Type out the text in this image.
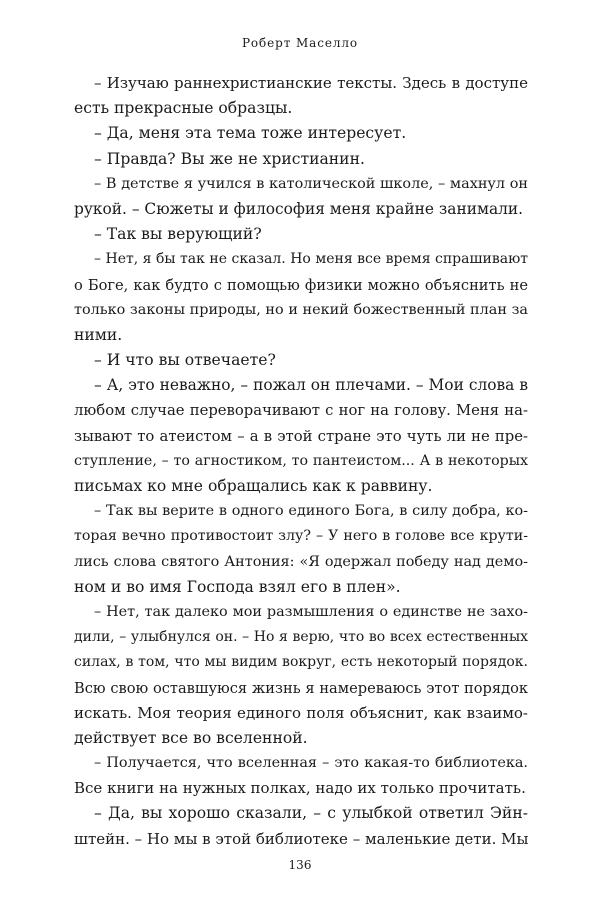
Роберт Маселло
– Изучаю раннехристианские тексты. Здесь в доступе
есть прекрасные образцы.
– Да, меня эта тема тоже интересует.
– Правда? Вы же не христианин.
– В детстве я учился в католической школе, – махнул он
рукой. – Сюжеты и философия меня крайне занимали.
– Так вы верующий?
– Нет, я бы так не сказал. Но меня все время спрашивают
о Боге, как будто с помощью физики можно объяснить не
только законы природы, но и некий божественный план за
ними.
– И что вы отвечаете?
– А, это неважно, – пожал он плечами. – Мои слова в
любом случае переворачивают с ног на голову. Меня на-
зывают то атеистом – а в этой стране это чуть ли не пре-
ступление, – то агностиком, то пантеистом... А в некоторых
письмах ко мне обращались как к раввину.
– Так вы верите в одного единого Бога, в силу добра, ко-
торая вечно противостоит злу? – У него в голове все крути-
лись слова святого Антония: «Я одержал победу над демо-
ном и во имя Господа взял его в плен».
– Нет, так далеко мои размышления о единстве не захо-
дили, – улыбнулся он. – Но я верю, что во всех естественных
силах, в том, что мы видим вокруг, есть некоторый порядок.
Всю свою оставшуюся жизнь я намереваюсь этот порядок
искать. Моя теория единого поля объяснит, как взаимо-
действует все во вселенной.
– Получается, что вселенная – это какая-то библиотека.
Все книги на нужных полках, надо их только прочитать.
– Да, вы хорошо сказали, – с улыбкой ответил Эйн-
штейн. – Но мы в этой библиотеке – маленькие дети. Мы
136
